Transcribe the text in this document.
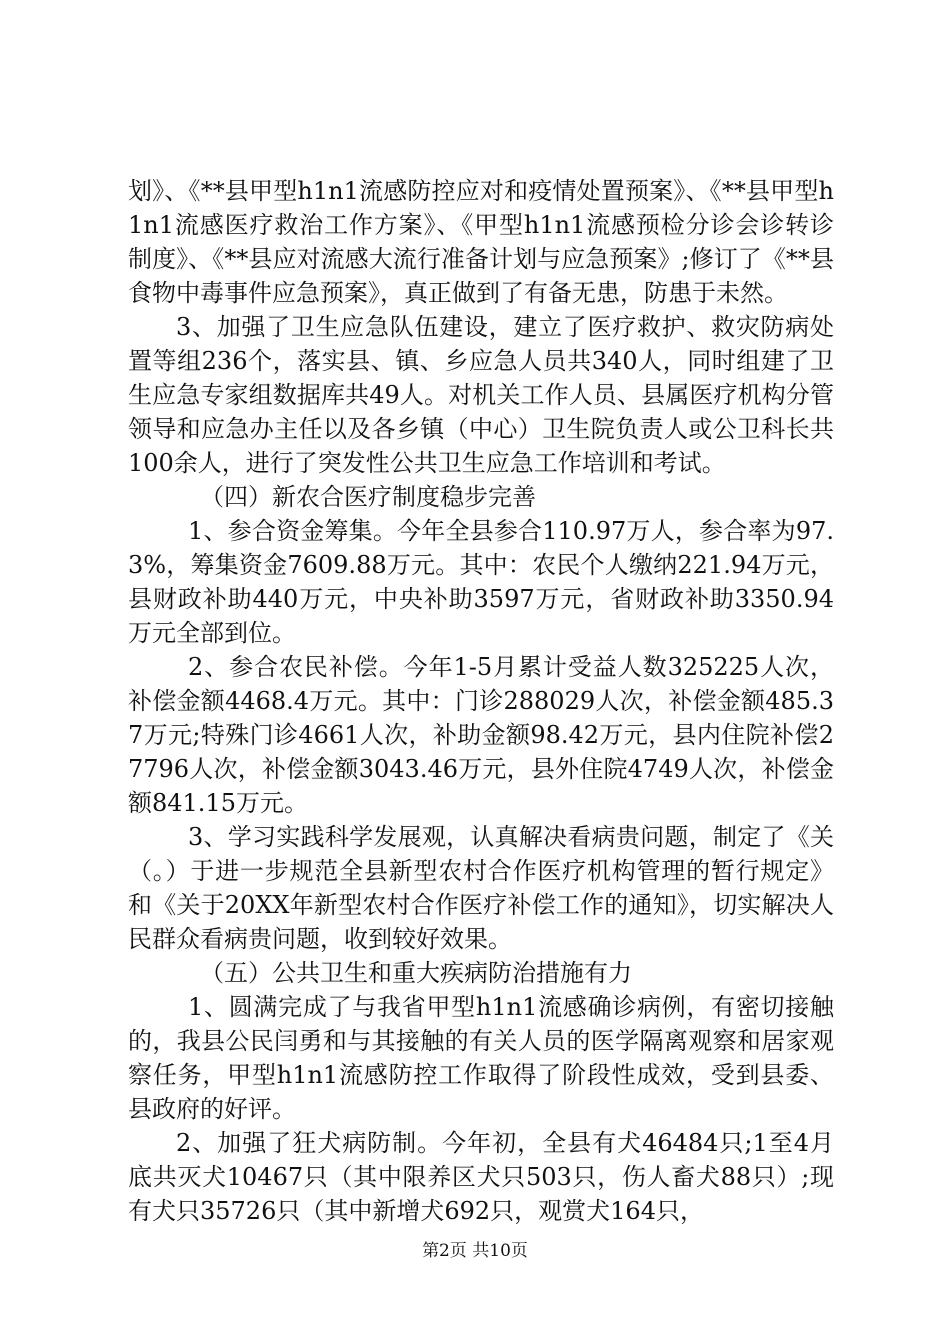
划》、《**县甲型h1n1流感防控应对和疫情处置预案》、《**县甲型h1n1流感医疗救治工作方案》、《甲型h1n1流感预检分诊会诊转诊制度》、《**县应对流感大流行准备计划与应急预案》;修订了《**县食物中毒事件应急预案》，真正做到了有备无患，防患于未然。

3、加强了卫生应急队伍建设，建立了医疗救护、救灾防病处置等组236个，落实县、镇、乡应急人员共340人，同时组建了卫生应急专家组数据库共49人。对机关工作人员、县属医疗机构分管领导和应急办主任以及各乡镇（中心）卫生院负责人或公卫科长共100余人，进行了突发性公共卫生应急工作培训和考试。

（四）新农合医疗制度稳步完善

1、参合资金筹集。今年全县参合110.97万人，参合率为97.3%，筹集资金7609.88万元。其中：农民个人缴纳221.94万元，县财政补助440万元，中央补助3597万元，省财政补助3350.94万元全部到位。

2、参合农民补偿。今年1-5月累计受益人数325225人次，补偿金额4468.4万元。其中：门诊288029人次，补偿金额485.37万元;特殊门诊4661人次，补助金额98.42万元，县内住院补偿27796人次，补偿金额3043.46万元，县外住院4749人次，补偿金额841.15万元。

3、学习实践科学发展观，认真解决看病贵问题，制定了《关（。）于进一步规范全县新型农村合作医疗机构管理的暂行规定》和《关于20XX年新型农村合作医疗补偿工作的通知》，切实解决人民群众看病贵问题，收到较好效果。

（五）公共卫生和重大疾病防治措施有力

1、圆满完成了与我省甲型h1n1流感确诊病例，有密切接触的，我县公民闫勇和与其接触的有关人员的医学隔离观察和居家观察任务，甲型h1n1流感防控工作取得了阶段性成效，受到县委、县政府的好评。

2、加强了狂犬病防制。今年初，全县有犬46484只;1至4月底共灭犬10467只（其中限养区犬只503只，伤人畜犬88只）;现有犬只35726只（其中新增犬692只，观赏犬164只，

第2页 共10页
